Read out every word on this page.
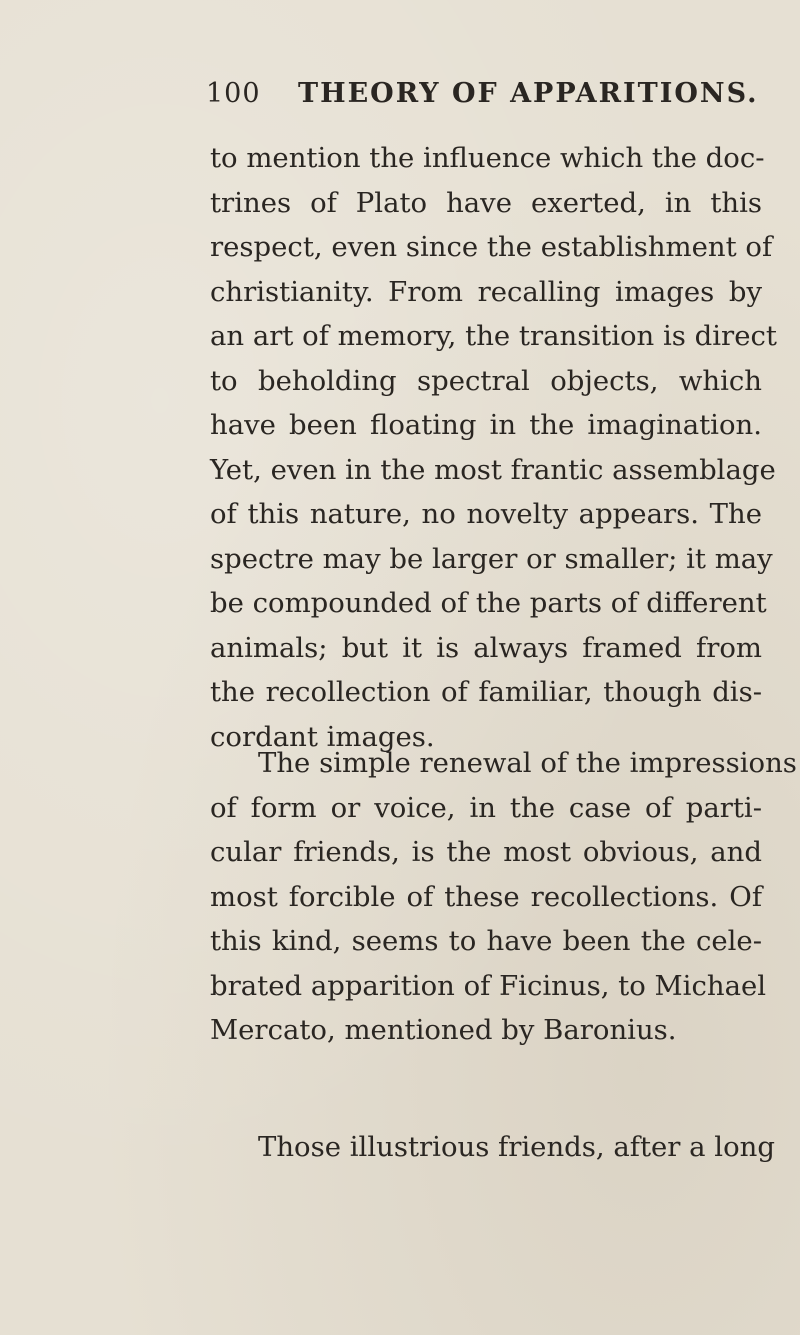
100 THEORY OF APPARITIONS.
to mention the influence which the doc-
trines of Plato have exerted, in this
respect, even since the establishment of
christianity. From recalling images by
an art of memory, the transition is direct
to beholding spectral objects, which
have been floating in the imagination.
Yet, even in the most frantic assemblage
of this nature, no novelty appears. The
spectre may be larger or smaller; it may
be compounded of the parts of different
animals; but it is always framed from
the recollection of familiar, though dis-
cordant images.
The simple renewal of the impressions
of form or voice, in the case of parti-
cular friends, is the most obvious, and
most forcible of these recollections. Of
this kind, seems to have been the cele-
brated apparition of Ficinus, to Michael
Mercato, mentioned by Baronius.
Those illustrious friends, after a long
